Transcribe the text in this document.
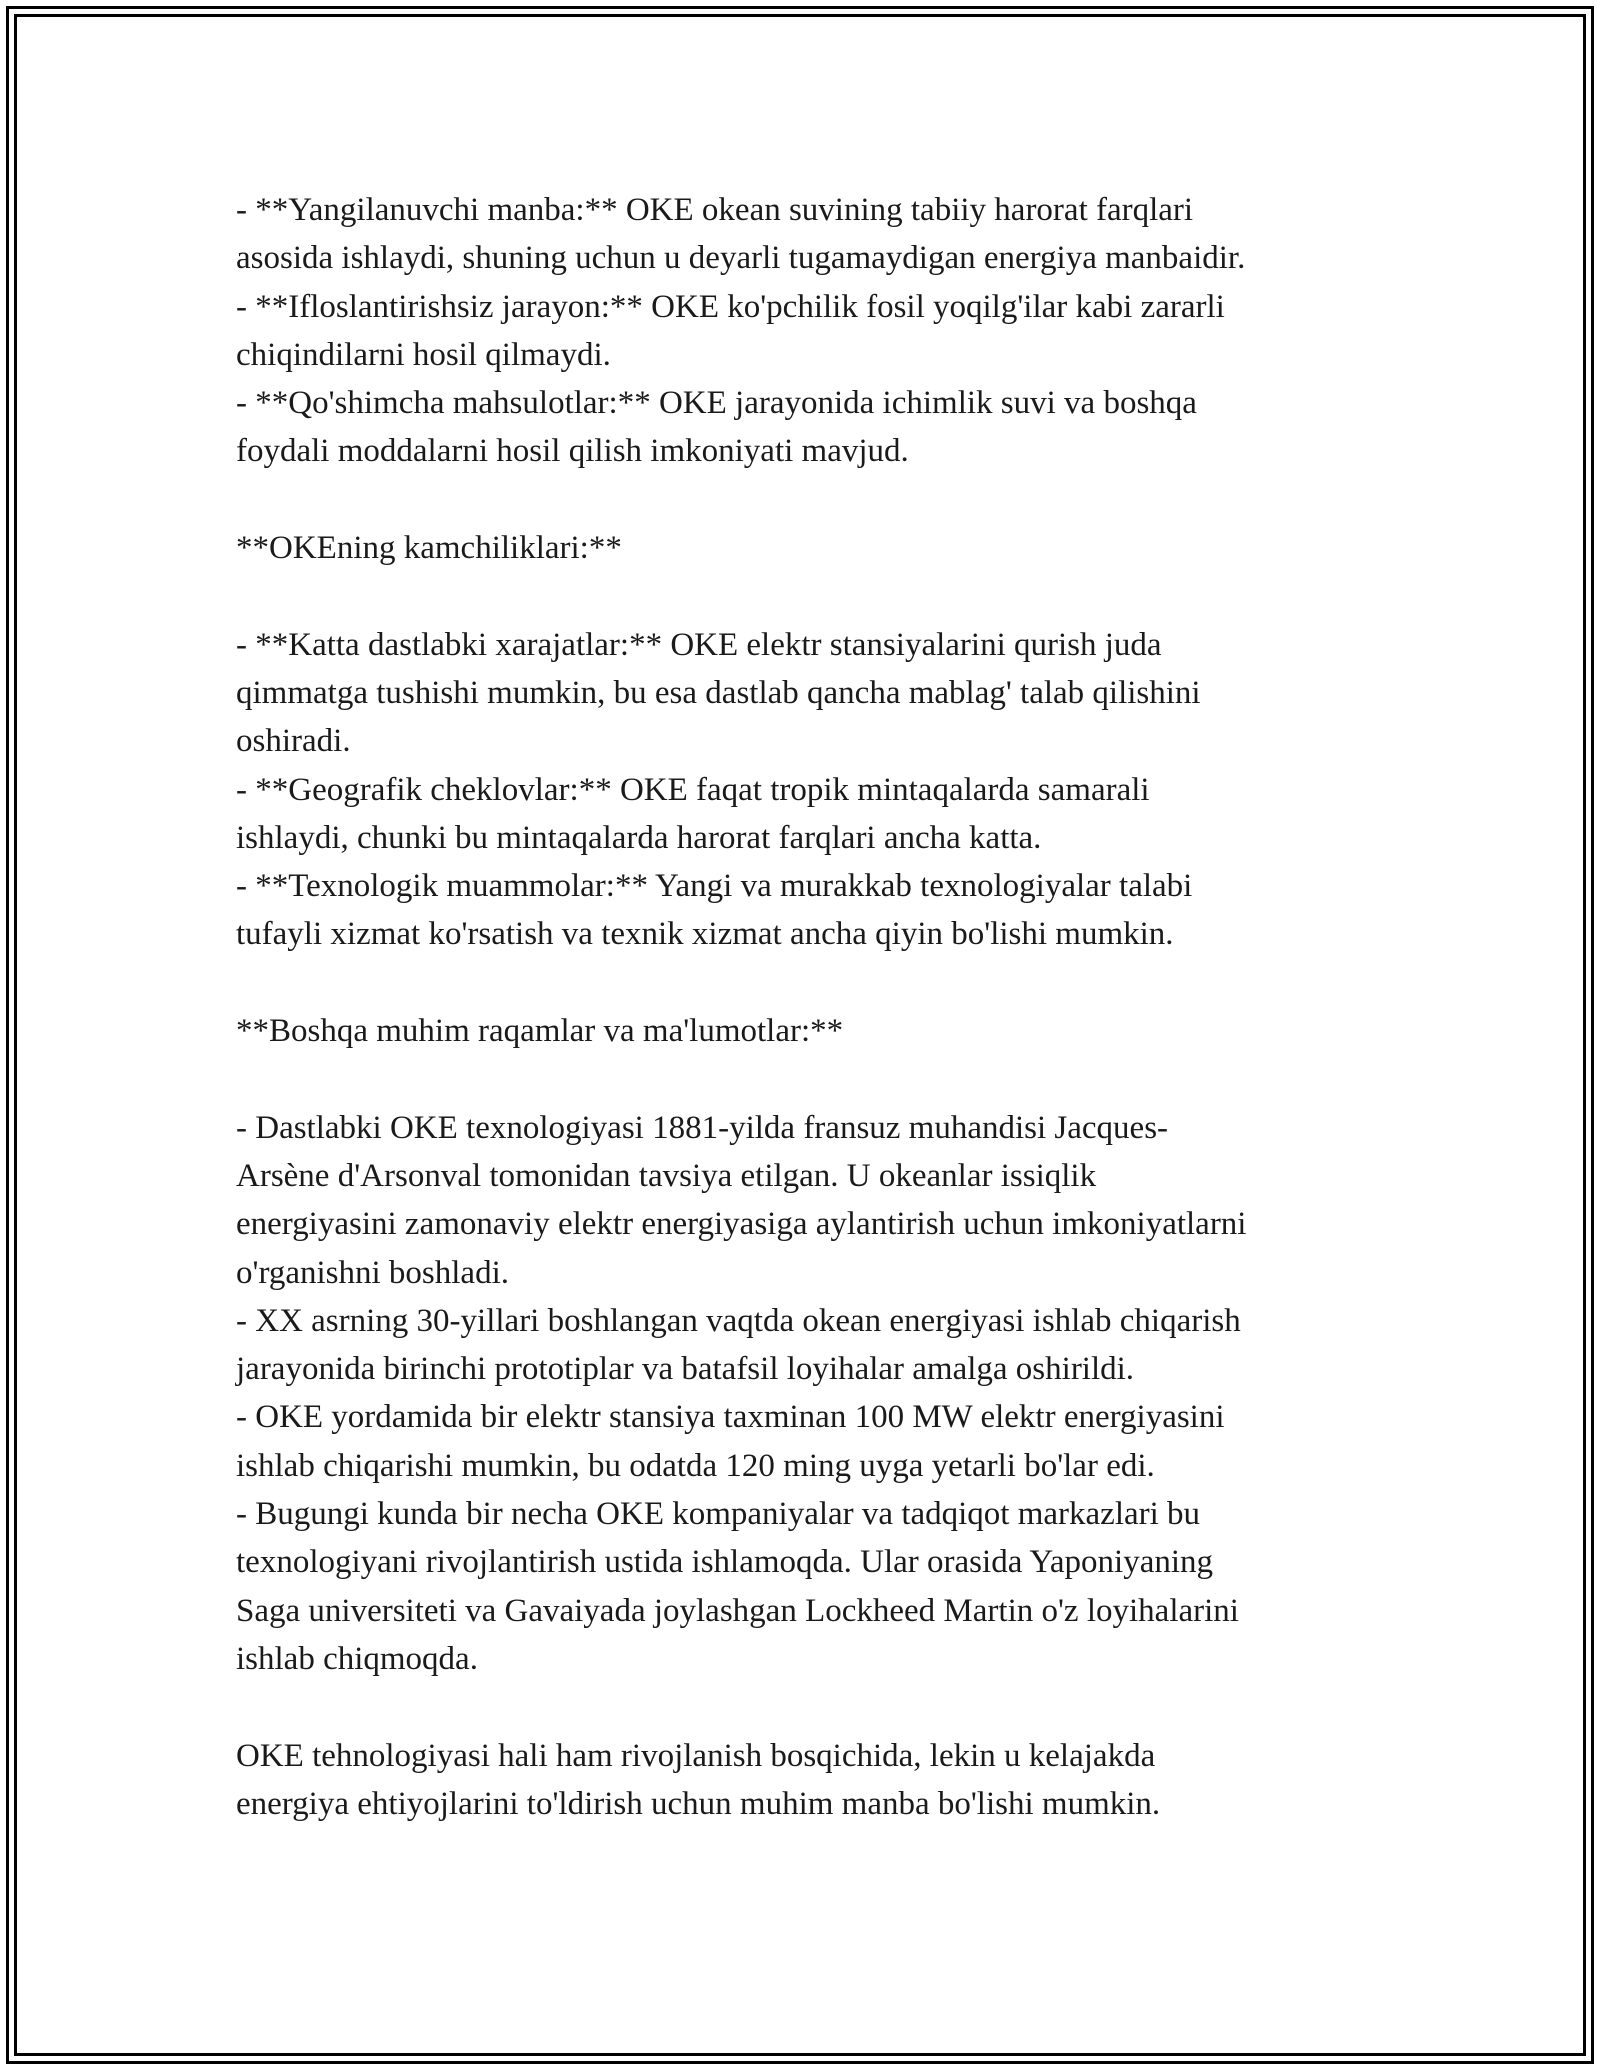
- **Yangilanuvchi manba:** OKE okean suvining tabiiy harorat farqlari
asosida ishlaydi, shuning uchun u deyarli tugamaydigan energiya manbaidir.
- **Ifloslantirishsiz jarayon:** OKE ko'pchilik fosil yoqilg'ilar kabi zararli
chiqindilarni hosil qilmaydi.
- **Qo'shimcha mahsulotlar:** OKE jarayonida ichimlik suvi va boshqa
foydali moddalarni hosil qilish imkoniyati mavjud.
**OKEning kamchiliklari:**
- **Katta dastlabki xarajatlar:** OKE elektr stansiyalarini qurish juda
qimmatga tushishi mumkin, bu esa dastlab qancha mablag' talab qilishini
oshiradi.
- **Geografik cheklovlar:** OKE faqat tropik mintaqalarda samarali
ishlaydi, chunki bu mintaqalarda harorat farqlari ancha katta.
- **Texnologik muammolar:** Yangi va murakkab texnologiyalar talabi
tufayli xizmat ko'rsatish va texnik xizmat ancha qiyin bo'lishi mumkin.
**Boshqa muhim raqamlar va ma'lumotlar:**
- Dastlabki OKE texnologiyasi 1881-yilda fransuz muhandisi Jacques-
Arsène d'Arsonval tomonidan tavsiya etilgan. U okeanlar issiqlik
energiyasini zamonaviy elektr energiyasiga aylantirish uchun imkoniyatlarni
o'rganishni boshladi.
- XX asrning 30-yillari boshlangan vaqtda okean energiyasi ishlab chiqarish
jarayonida birinchi prototiplar va batafsil loyihalar amalga oshirildi.
- OKE yordamida bir elektr stansiya taxminan 100 MW elektr energiyasini
ishlab chiqarishi mumkin, bu odatda 120 ming uyga yetarli bo'lar edi.
- Bugungi kunda bir necha OKE kompaniyalar va tadqiqot markazlari bu
texnologiyani rivojlantirish ustida ishlamoqda. Ular orasida Yaponiyaning
Saga universiteti va Gavaiyada joylashgan Lockheed Martin o'z loyihalarini
ishlab chiqmoqda.
OKE tehnologiyasi hali ham rivojlanish bosqichida, lekin u kelajakda
energiya ehtiyojlarini to'ldirish uchun muhim manba bo'lishi mumkin.
